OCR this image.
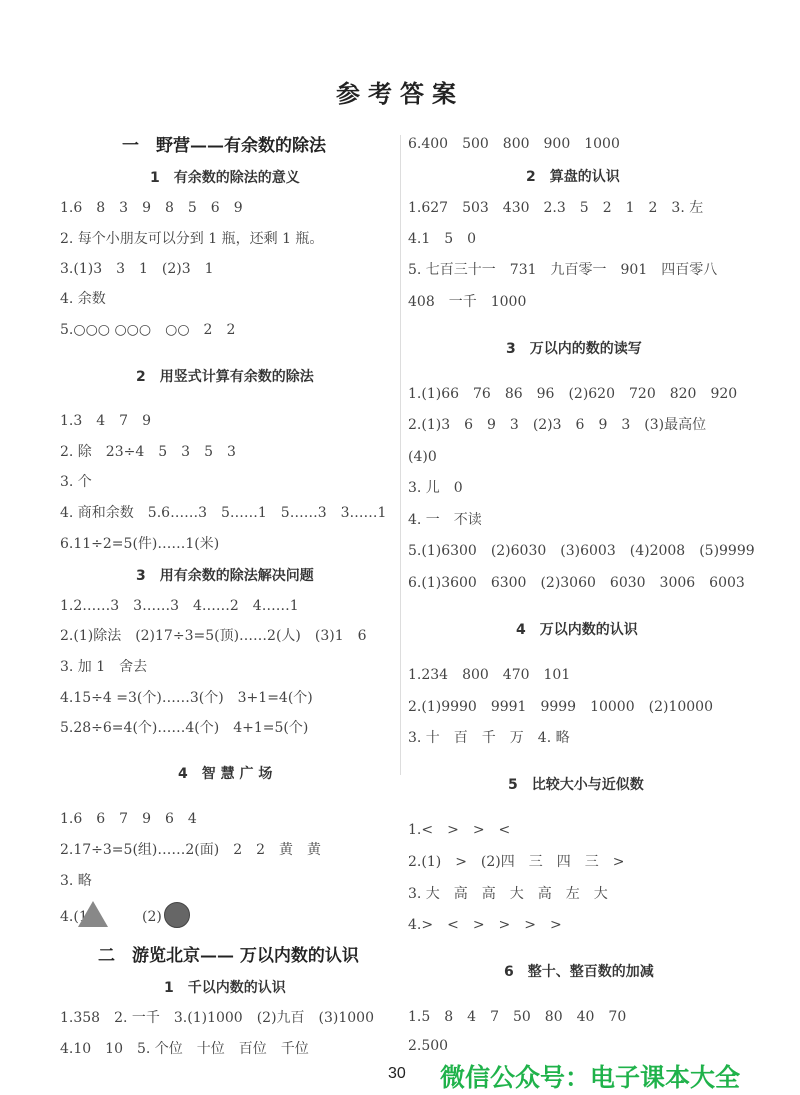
参考答案
一　野营——有余数的除法
1　有余数的除法的意义
1.6　8　3　9　8　5　6　9
2. 每个小朋友可以分到 1 瓶，还剩 1 瓶。
3.(1)3　3　1　(2)3　1
4. 余数
5.○○○ ○○○　○○　2　2
2　用竖式计算有余数的除法
1.3　4　7　9
2. 除　23÷4　5　3　5　3
3. 个
4. 商和余数　5.6……3　5……1　5……3　3……1
6.11÷2=5(件)……1(米)
3　用有余数的除法解决问题
1.2……3　3……3　4……2　4……1
2.(1)除法　(2)17÷3=5(顶)……2(人)　(3)1　6
3. 加 1　舍去
4.15÷4 =3(个)……3(个)　3+1=4(个)
5.28÷6=4(个)……4(个)　4+1=5(个)
4　智 慧 广 场
1.6　6　7　9　6　4
2.17÷3=5(组)……2(面)　2　2　黄　黄
3. 略
4.(1)	(2)
二　游览北京—— 万以内数的认识
1　千以内数的认识
1.358　2. 一千　3.(1)1000　(2)九百　(3)1000
4.10　10　5. 个位　十位　百位　千位
6.400　500　800　900　1000
2　算盘的认识
1.627　503　430　2.3　5　2　1　2　3. 左
4.1　5　0
5. 七百三十一　731　九百零一　901　四百零八
408　一千　1000
3　万以内的数的读写
1.(1)66　76　86　96　(2)620　720　820　920
2.(1)3　6　9　3　(2)3　6　9　3　(3)最高位
(4)0
3. 儿　0
4. 一　不读
5.(1)6300　(2)6030　(3)6003　(4)2008　(5)9999
6.(1)3600　6300　(2)3060　6030　3006　6003
4　万以内数的认识
1.234　800　470　101
2.(1)9990　9991　9999　10000　(2)10000
3. 十　百　千　万　4. 略
5　比较大小与近似数
1.<　>　>　<
2.(1)　>　(2)四　三　四　三　>
3. 大　高　高　大　高　左　大
4.>　<　>　>　>　>
6　整十、整百数的加减
1.5　8　4　7　50　80　40　70
2.500
30 微信公众号：电子课本大全
